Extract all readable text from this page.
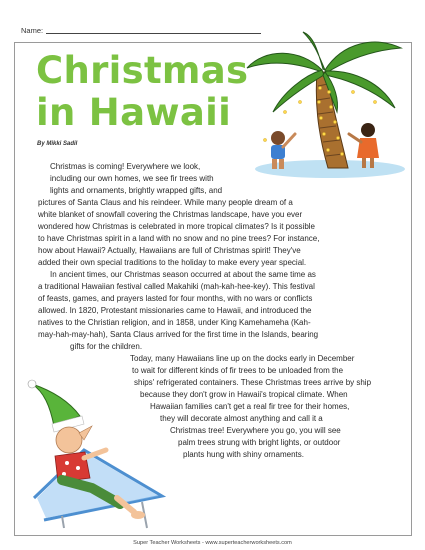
Name:
Christmas
in Hawaii
By Mikki Sadil
Christmas is coming! Everywhere we look,
including our own homes, we see fir trees with
lights and ornaments, brightly wrapped gifts, and
pictures of Santa Claus and his reindeer. While many people dream of a
white blanket of snowfall covering the Christmas landscape, have you ever
wondered how Christmas is celebrated in more tropical climates? Is it possible
to have Christmas spirit in a land with no snow and no pine trees? For instance,
how about Hawaii? Actually, Hawaiians are full of Christmas spirit! They've
added their own special traditions to the holiday to make every year special.
In ancient times, our Christmas season occurred at about the same time as
a traditional Hawaiian festival called Makahiki (mah-kah-hee-key). This festival
of feasts, games, and prayers lasted for four months, with no wars or conflicts
allowed. In 1820, Protestant missionaries came to Hawaii, and introduced the
natives to the Christian religion, and in 1858, under King Kamehameha (Kah-
may-hah-may-hah), Santa Claus arrived for the first time in the Islands, bearing
gifts for the children.
Today, many Hawaiians line up on the docks early in December
to wait for different kinds of fir trees to be unloaded from the
ships' refrigerated containers. These Christmas trees arrive by ship
because they don't grow in Hawaii's tropical climate. When
Hawaiian families can't get a real fir tree for their homes,
they will decorate almost anything and call it a
Christmas tree! Everywhere you go, you will see
palm trees strung with bright lights, or outdoor
plants hung with shiny ornaments.
Super Teacher Worksheets - www.superteacherworksheets.com
